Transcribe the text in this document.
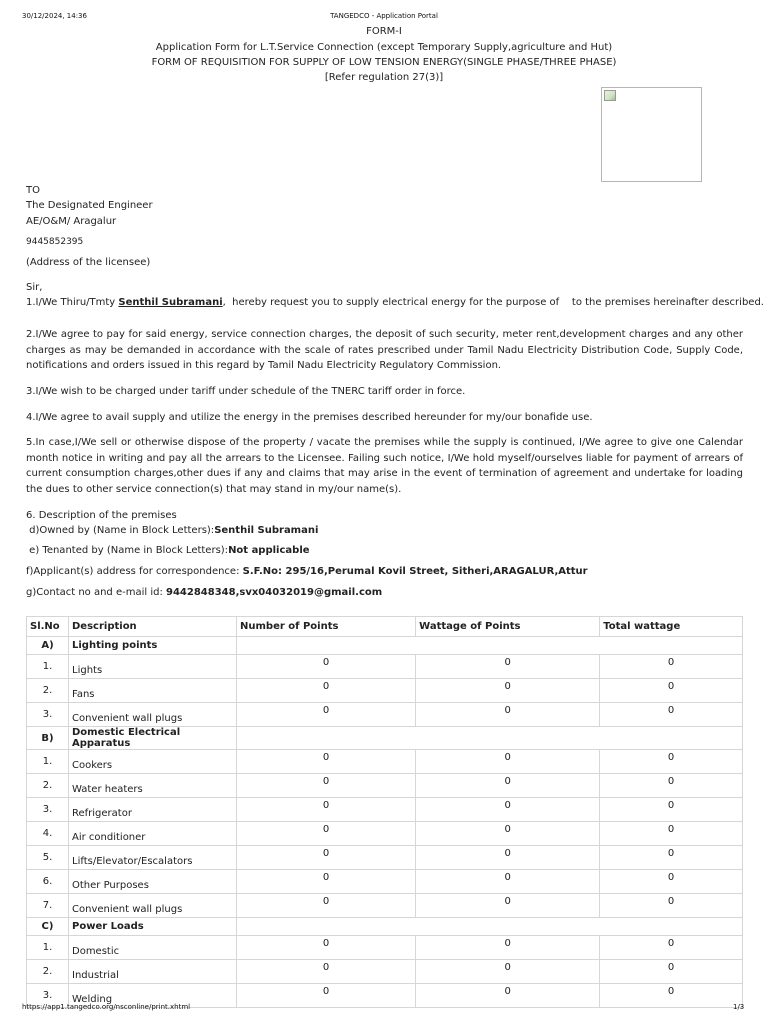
30/12/2024, 14:36	TANGEDCO - Application Portal
FORM-I
Application Form for L.T.Service Connection (except Temporary Supply,agriculture and Hut)
FORM OF REQUISITION FOR SUPPLY OF LOW TENSION ENERGY(SINGLE PHASE/THREE PHASE)
[Refer regulation 27(3)]
TO
The Designated Engineer
AE/O&M/ Aragalur
9445852395
(Address of the licensee)
Sir,
1.I/We Thiru/Tmty Senthil Subramani,  hereby request you to supply electrical energy for the purpose of    to the premises hereinafter described.
2.I/We agree to pay for said energy, service connection charges, the deposit of such security, meter rent,development charges and any other charges as may be demanded in accordance with the scale of rates prescribed under Tamil Nadu Electricity Distribution Code, Supply Code, notifications and orders issued in this regard by Tamil Nadu Electricity Regulatory Commission.
3.I/We wish to be charged under tariff under schedule of the TNERC tariff order in force.
4.I/We agree to avail supply and utilize the energy in the premises described hereunder for my/our bonafide use.
5.In case,I/We sell or otherwise dispose of the property / vacate the premises while the supply is continued, I/We agree to give one Calendar month notice in writing and pay all the arrears to the Licensee. Failing such notice, I/We hold myself/ourselves liable for payment of arrears of current consumption charges,other dues if any and claims that may arise in the event of termination of agreement and undertake for loading the dues to other service connection(s) that may stand in my/our name(s).
6. Description of the premises
d)Owned by (Name in Block Letters):Senthil Subramani
e) Tenanted by (Name in Block Letters):Not applicable
f)Applicant(s) address for correspondence: S.F.No: 295/16,Perumal Kovil Street, Sitheri,ARAGALUR,Attur
g)Contact no and e-mail id: 9442848348,svx04032019@gmail.com
Sl.No	Description	Number of Points	Wattage of Points	Total wattage
A)	Lighting points			
1.	Lights	0	0	0
2.	Fans	0	0	0
3.	Convenient wall plugs	0	0	0
B)	Domestic Electrical Apparatus			
1.	Cookers	0	0	0
2.	Water heaters	0	0	0
3.	Refrigerator	0	0	0
4.	Air conditioner	0	0	0
5.	Lifts/Elevator/Escalators	0	0	0
6.	Other Purposes	0	0	0
7.	Convenient wall plugs	0	0	0
C)	Power Loads			
1.	Domestic	0	0	0
2.	Industrial	0	0	0
3.	Welding	0	0	0
https://app1.tangedco.org/nsconline/print.xhtml	1/3
